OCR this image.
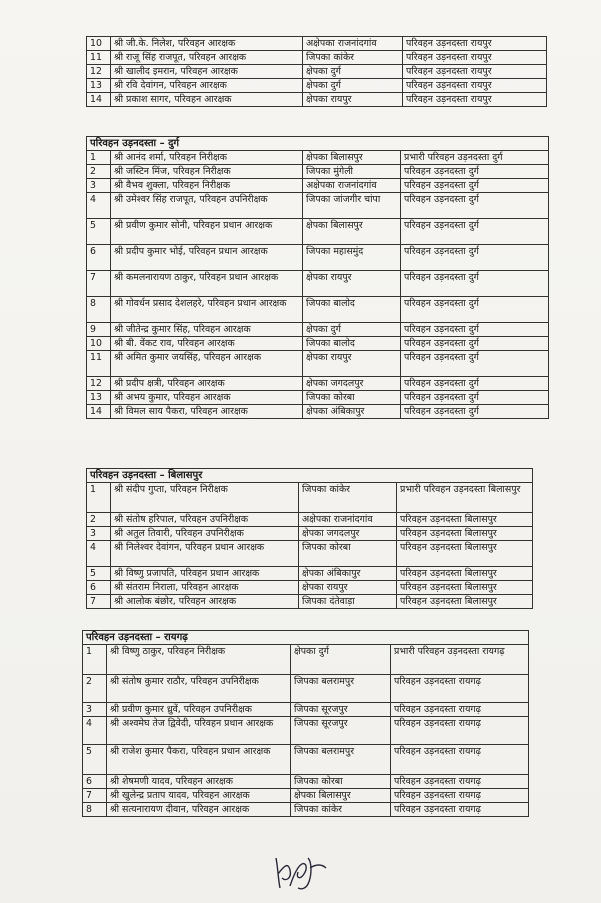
10	श्री जी.के. निलेश, परिवहन आरक्षक	अक्षेपका राजनांदगांव	परिवहन उड़नदस्ता रायपुर
11	श्री राजू सिंह राजपूत, परिवहन आरक्षक	जिपका कांकेर	परिवहन उड़नदस्ता रायपुर
12	श्री खालीद इमरान, परिवहन आरक्षक	क्षेपका दुर्ग	परिवहन उड़नदस्ता रायपुर
13	श्री रवि देवांगन, परिवहन आरक्षक	क्षेपका दुर्ग	परिवहन उड़नदस्ता रायपुर
14	श्री प्रकाश सागर, परिवहन आरक्षक	क्षेपका रायपुर	परिवहन उड़नदस्ता रायपुर
परिवहन उड़नदस्ता – दुर्ग			
1	श्री आनंद शर्मा, परिवहन निरीक्षक	क्षेपका बिलासपुर	प्रभारी परिवहन उड़नदस्ता दुर्ग
2	श्री जस्टिन मिंज, परिवहन निरीक्षक	जिपका मुंगेली	परिवहन उड़नदस्ता दुर्ग
3	श्री वैभव शुक्ला, परिवहन निरीक्षक	अक्षेपका राजनांदगांव	परिवहन उड़नदस्ता दुर्ग
4	श्री उमेश्वर सिंह राजपूत, परिवहन उपनिरीक्षक	जिपका जांजगीर चांपा	परिवहन उड़नदस्ता दुर्ग
5	श्री प्रवीण कुमार सोनी, परिवहन प्रधान आरक्षक	क्षेपका बिलासपुर	परिवहन उड़नदस्ता दुर्ग
6	श्री प्रदीप कुमार भोई, परिवहन प्रधान आरक्षक	जिपका महासमुंद	परिवहन उड़नदस्ता दुर्ग
7	श्री कमलनारायण ठाकुर, परिवहन प्रधान आरक्षक	क्षेपका रायपुर	परिवहन उड़नदस्ता दुर्ग
8	श्री गोवर्धन प्रसाद देशलहरे, परिवहन प्रधान आरक्षक	जिपका बालोद	परिवहन उड़नदस्ता दुर्ग
9	श्री जीतेन्द्र कुमार सिंह, परिवहन आरक्षक	क्षेपका दुर्ग	परिवहन उड़नदस्ता दुर्ग
10	श्री बी. वेंकट राव, परिवहन आरक्षक	जिपका बालोद	परिवहन उड़नदस्ता दुर्ग
11	श्री अमित कुमार जयसिंह, परिवहन आरक्षक	क्षेपका रायपुर	परिवहन उड़नदस्ता दुर्ग
12	श्री प्रदीप क्षत्री, परिवहन आरक्षक	क्षेपका जगदलपुर	परिवहन उड़नदस्ता दुर्ग
13	श्री अभय कुमार, परिवहन आरक्षक	जिपका कोरबा	परिवहन उड़नदस्ता दुर्ग
14	श्री विमल साय पैकरा, परिवहन आरक्षक	क्षेपका अंबिकापुर	परिवहन उड़नदस्ता दुर्ग
परिवहन उड़नदस्ता – बिलासपुर			
1	श्री संदीप गुप्ता, परिवहन निरीक्षक	जिपका कांकेर	प्रभारी परिवहन उड़नदस्ता बिलासपुर
2	श्री संतोष हरिपाल, परिवहन उपनिरीक्षक	अक्षेपका राजनांदगांव	परिवहन उड़नदस्ता बिलासपुर
3	श्री अतुल तिवारी, परिवहन उपनिरीक्षक	क्षेपका जगदलपुर	परिवहन उड़नदस्ता बिलासपुर
4	श्री निलेश्वर देवांगन, परिवहन प्रधान आरक्षक	जिपका कोरबा	परिवहन उड़नदस्ता बिलासपुर
5	श्री विष्णु प्रजापति, परिवहन प्रधान आरक्षक	क्षेपका अंबिकापुर	परिवहन उड़नदस्ता बिलासपुर
6	श्री संतराम निराला, परिवहन आरक्षक	क्षेपका रायपुर	परिवहन उड़नदस्ता बिलासपुर
7	श्री आलोक बंछोर, परिवहन आरक्षक	जिपका दंतेवाड़ा	परिवहन उड़नदस्ता बिलासपुर
परिवहन उड़नदस्ता – रायगढ़			
1	श्री विष्णु ठाकुर, परिवहन निरीक्षक	क्षेपका दुर्ग	प्रभारी परिवहन उड़नदस्ता रायगढ़
2	श्री संतोष कुमार राठौर, परिवहन उपनिरीक्षक	जिपका बलरामपुर	परिवहन उड़नदस्ता रायगढ़
3	श्री प्रवीण कुमार ध्रुवें, परिवहन उपनिरीक्षक	जिपका सूरजपुर	परिवहन उड़नदस्ता रायगढ़
4	श्री अश्वमेघ तेज द्विवेदी, परिवहन प्रधान आरक्षक	जिपका सूरजपुर	परिवहन उड़नदस्ता रायगढ़
5	श्री राजेश कुमार पैकरा, परिवहन प्रधान आरक्षक	जिपका बलरामपुर	परिवहन उड़नदस्ता रायगढ़
6	श्री शेषमणी यादव, परिवहन आरक्षक	जिपका कोरबा	परिवहन उड़नदस्ता रायगढ़
7	श्री खुलेन्द्र प्रताप यादव, परिवहन आरक्षक	क्षेपका बिलासपुर	परिवहन उड़नदस्ता रायगढ़
8	श्री सत्यनारायण दीवान, परिवहन आरक्षक	जिपका कांकेर	परिवहन उड़नदस्ता रायगढ़
